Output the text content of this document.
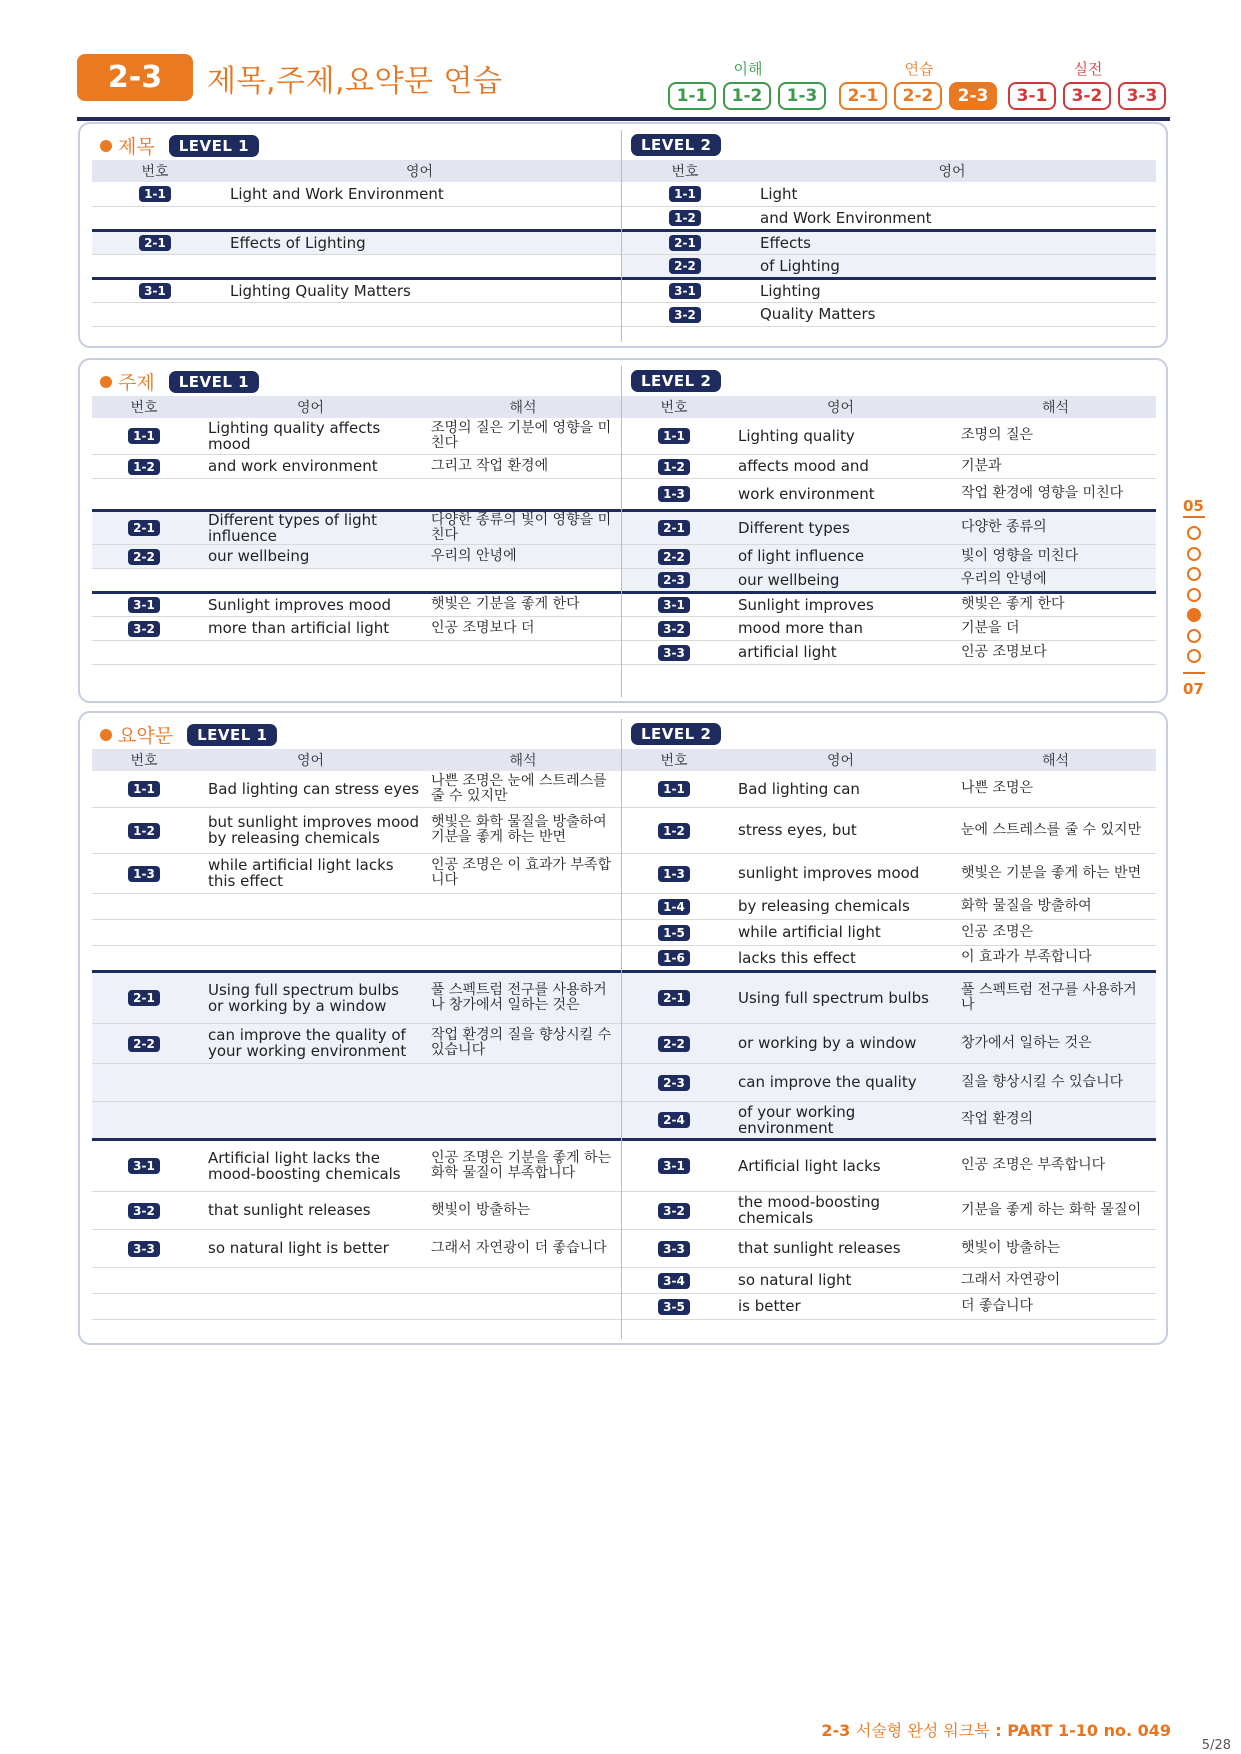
2-3	제목,주제,요약문 연습	이해
1-1	1-2	1-3
연습
2-1	2-2	2-3
실전
3-1	3-2	3-3
05
07
제목	LEVEL 1	LEVEL 2
번호	영어
1-1	Light and Work Environment

2-1	Effects of Lighting

3-1	Lighting Quality Matters

번호	영어
1-1	Light
1-2	and Work Environment
2-1	Effects
2-2	of Lighting
3-1	Lighting
3-2	Quality Matters
주제	LEVEL 1	LEVEL 2
번호	영어	해석
1-1	Lighting quality affects mood	조명의 질은 기분에 영향을 미친다
1-2	and work environment	그리고 작업 환경에

2-1	Different types of light influence	다양한 종류의 빛이 영향을 미친다
2-2	our wellbeing	우리의 안녕에

3-1	Sunlight improves mood	햇빛은 기분을 좋게 한다
3-2	more than artificial light	인공 조명보다 더

번호	영어	해석
1-1	Lighting quality	조명의 질은
1-2	affects mood and	기분과
1-3	work environment	작업 환경에 영향을 미친다
2-1	Different types	다양한 종류의
2-2	of light influence	빛이 영향을 미친다
2-3	our wellbeing	우리의 안녕에
3-1	Sunlight improves	햇빛은 좋게 한다
3-2	mood more than	기분을 더
3-3	artificial light	인공 조명보다
요약문	LEVEL 1	LEVEL 2
번호	영어	해석
1-1	Bad lighting can stress eyes	나쁜 조명은 눈에 스트레스를 줄 수 있지만
1-2	but sunlight improves mood by releasing chemicals	햇빛은 화학 물질을 방출하여 기분을 좋게 하는 반면
1-3	while artificial light lacks this effect	인공 조명은 이 효과가 부족합니다

2-1	Using full spectrum bulbs or working by a window	풀 스펙트럼 전구를 사용하거나 창가에서 일하는 것은
2-2	can improve the quality of your working environment	작업 환경의 질을 향상시킬 수 있습니다

3-1	Artificial light lacks the mood-boosting chemicals	인공 조명은 기분을 좋게 하는 화학 물질이 부족합니다
3-2	that sunlight releases	햇빛이 방출하는
3-3	so natural light is better	그래서 자연광이 더 좋습니다

번호	영어	해석
1-1	Bad lighting can	나쁜 조명은
1-2	stress eyes, but	눈에 스트레스를 줄 수 있지만
1-3	sunlight improves mood	햇빛은 기분을 좋게 하는 반면
1-4	by releasing chemicals	화학 물질을 방출하여
1-5	while artificial light	인공 조명은
1-6	lacks this effect	이 효과가 부족합니다
2-1	Using full spectrum bulbs	풀 스펙트럼 전구를 사용하거나
2-2	or working by a window	창가에서 일하는 것은
2-3	can improve the quality	질을 향상시킬 수 있습니다
2-4	of your working environment	작업 환경의
3-1	Artificial light lacks	인공 조명은 부족합니다
3-2	the mood-boosting chemicals	기분을 좋게 하는 화학 물질이
3-3	that sunlight releases	햇빛이 방출하는
3-4	so natural light	그래서 자연광이
3-5	is better	더 좋습니다
2-3 서술형 완성 워크북 : PART 1-10 no. 049
5/28
